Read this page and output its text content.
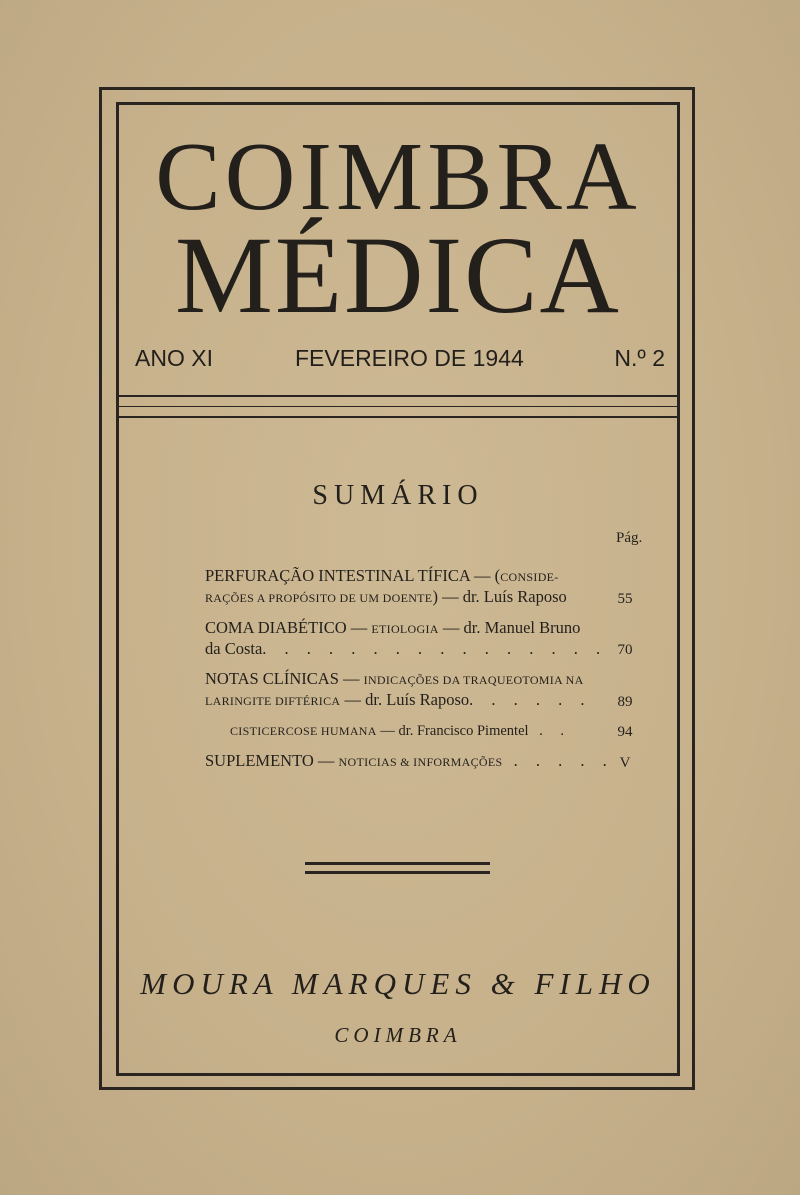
COIMBRA
MÉDICA
ANO XI	FEVEREIRO DE 1944	N.º 2
SUMÁRIO
Pág.
PERFURAÇÃO INTESTINAL TÍFICA — (CONSIDE-
RAÇÕES A PROPÓSITO DE UM DOENTE) — dr. Luís Raposo	55
COMA DIABÉTICO — ETIOLOGIA — dr. Manuel Bruno
da Costa. . . . . . . . . . . . . . . . 70
NOTAS CLÍNICAS — INDICAÇÕES DA TRAQUEOTOMIA NA
LARINGITE DIFTÉRICA — dr. Luís Raposo. . . . . .	89
CISTICERCOSE HUMANA — dr. Francisco Pimentel . .	94
SUPLEMENTO — NOTICIAS & INFORMAÇÕES . . . . . V
MOURA MARQUES & FILHO
COIMBRA
